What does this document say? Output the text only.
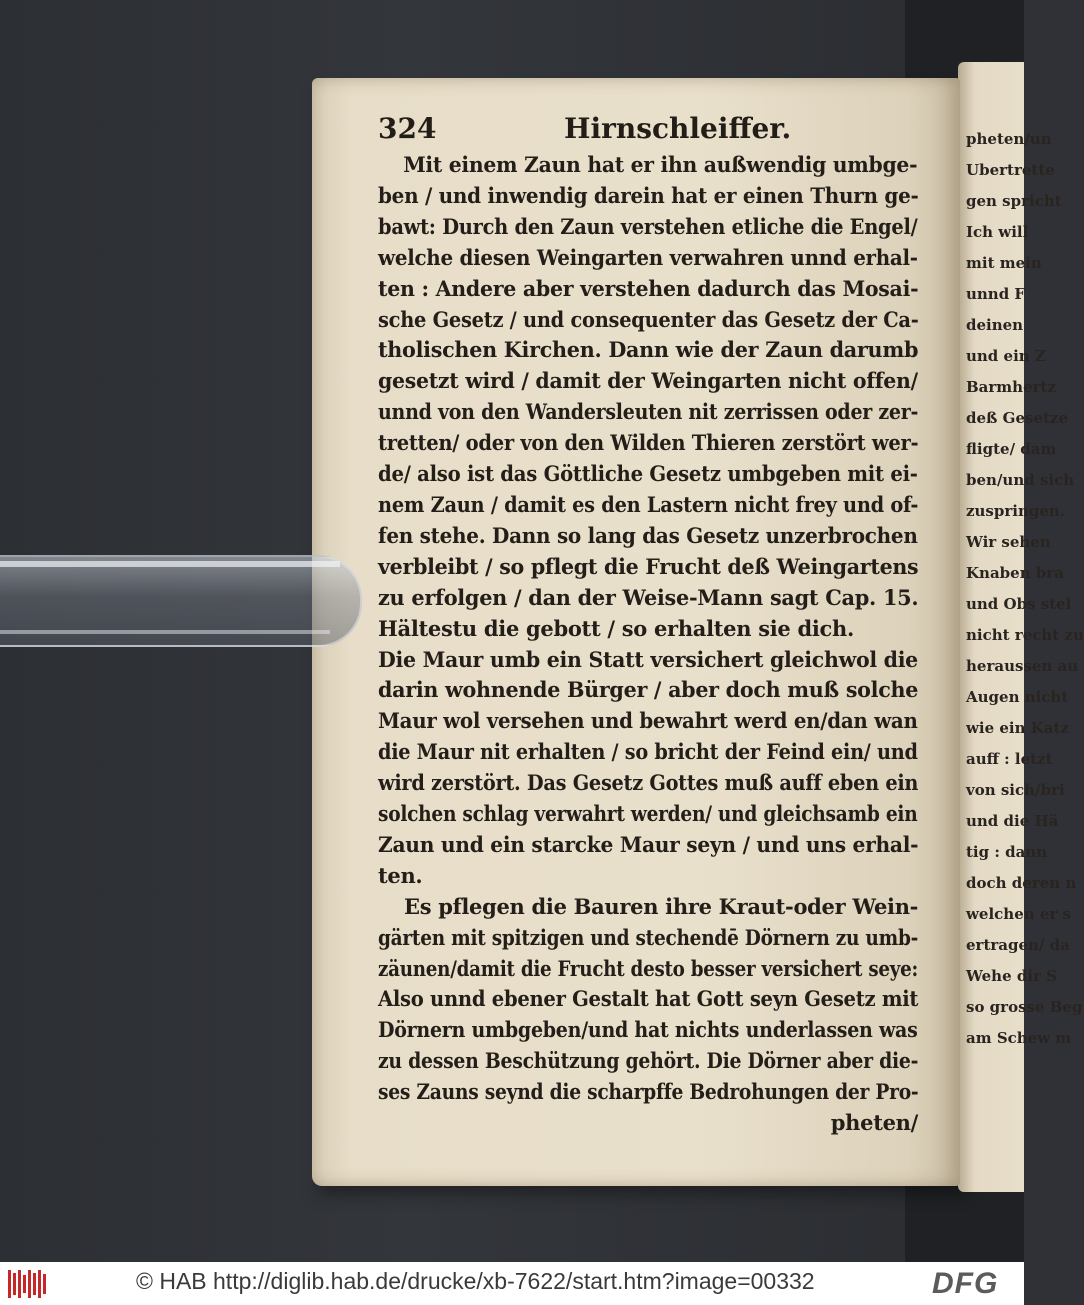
pheten/un
Ubertrette
gen spricht
Ich will
mit mein
unnd F
deinen
und ein Z
Barmhertz
deß Gesetze
fligte/ dam
ben/und sich
zuspringen.
Wir sehen
Knaben bra
und Obs stel
nicht recht zu
heraussen au
Augen nicht
wie ein Katz
auff : letzt
von sich/bri
und die Hä
tig : dann
doch deren n
welchen er s
ertragen/ da
Wehe dir S
so grosse Beg
am Schew m
324	Hirnschleiffer.
Mit einem Zaun hat er ihn außwendig umbge-
ben / und inwendig darein hat er einen Thurn ge-
bawt: Durch den Zaun verstehen etliche die Engel/
welche diesen Weingarten verwahren unnd erhal-
ten : Andere aber verstehen dadurch das Mosai-
sche Gesetz / und consequenter das Gesetz der Ca-
tholischen Kirchen. Dann wie der Zaun darumb
gesetzt wird / damit der Weingarten nicht offen/
unnd von den Wandersleuten nit zerrissen oder zer-
tretten/ oder von den Wilden Thieren zerstört wer-
de/ also ist das Göttliche Gesetz umbgeben mit ei-
nem Zaun / damit es den Lastern nicht frey und of-
fen stehe. Dann so lang das Gesetz unzerbrochen
verbleibt / so pflegt die Frucht deß Weingartens
zu erfolgen / dan der Weise-Mann sagt Cap. 15.
Hältestu die gebott / so erhalten sie dich.
Die Maur umb ein Statt versichert gleichwol die
darin wohnende Bürger / aber doch muß solche
Maur wol versehen und bewahrt werd en/dan wan
die Maur nit erhalten / so bricht der Feind ein/ und
wird zerstört. Das Gesetz Gottes muß auff eben ein
solchen schlag verwahrt werden/ und gleichsamb ein
Zaun und ein starcke Maur seyn / und uns erhal-
ten.
Es pflegen die Bauren ihre Kraut-oder Wein-
gärten mit spitzigen und stechendē Dörnern zu umb-
zäunen/damit die Frucht desto besser versichert seye:
Also unnd ebener Gestalt hat Gott seyn Gesetz mit
Dörnern umbgeben/und hat nichts underlassen was
zu dessen Beschützung gehört. Die Dörner aber die-
ses Zauns seynd die scharpffe Bedrohungen der Pro-
pheten/
© HAB http://diglib.hab.de/drucke/xb-7622/start.htm?image=00332	DFG
